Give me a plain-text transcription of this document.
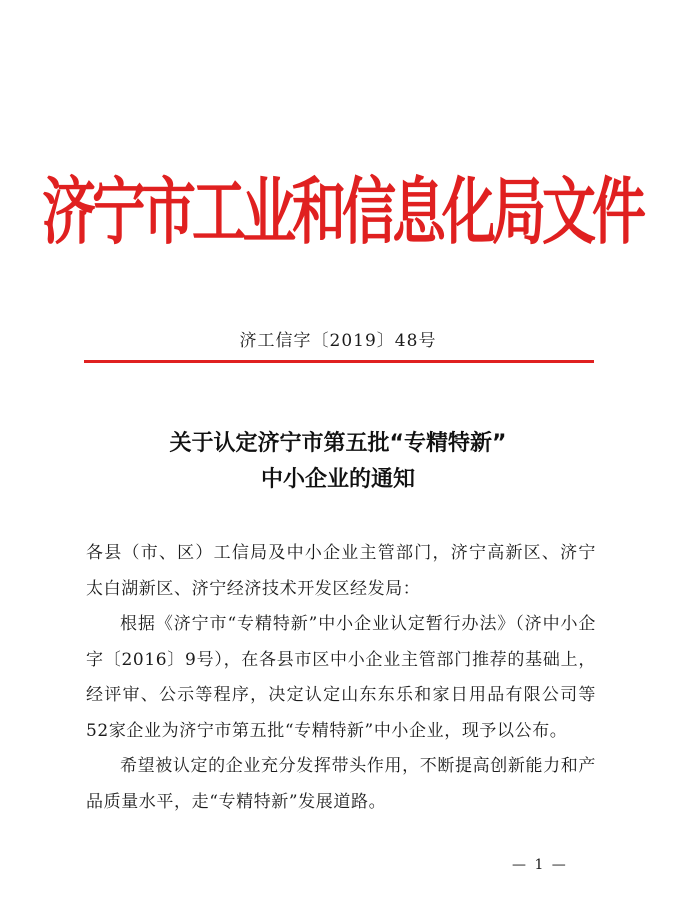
济宁市工业和信息化局文件
济工信字〔2019〕48号
关于认定济宁市第五批“专精特新”
中小企业的通知

各县（市、区）工信局及中小企业主管部门，济宁高新区、济宁太白湖新区、济宁经济技术开发区经发局：

根据《济宁市“专精特新”中小企业认定暂行办法》（济中小企字〔2016〕9号），在各县市区中小企业主管部门推荐的基础上，经评审、公示等程序，决定认定山东东乐和家日用品有限公司等52家企业为济宁市第五批“专精特新”中小企业，现予以公布。

希望被认定的企业充分发挥带头作用，不断提高创新能力和产品质量水平，走“专精特新”发展道路。

— 1 —
